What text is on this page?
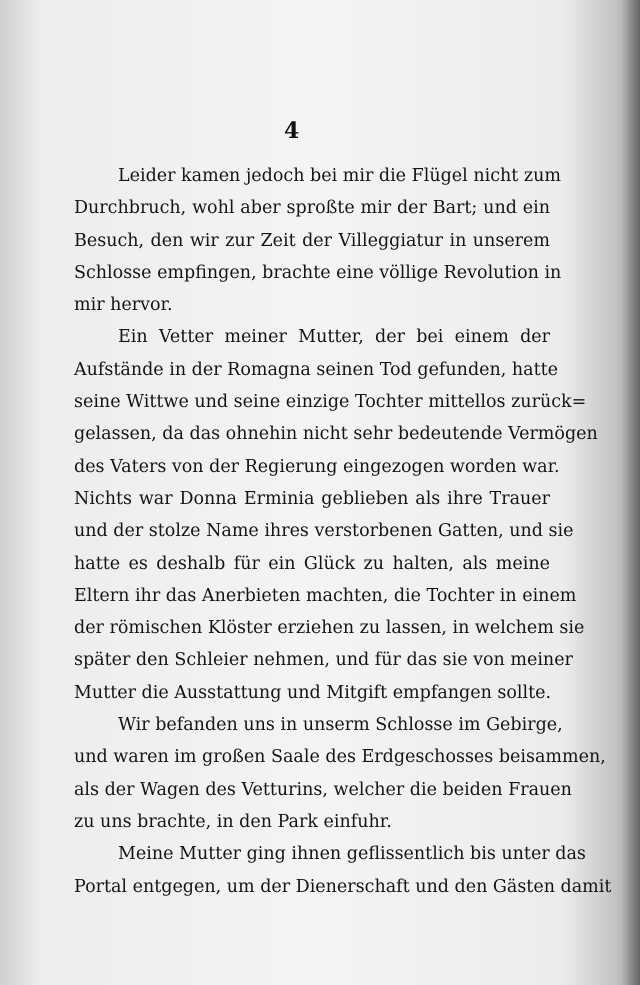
4
Leider kamen jedoch bei mir die Flügel nicht zum
Durchbruch, wohl aber sproßte mir der Bart; und ein
Besuch, den wir zur Zeit der Villeggiatur in unserem
Schlosse empfingen, brachte eine völlige Revolution in
mir hervor.
Ein Vetter meiner Mutter, der bei einem der
Aufstände in der Romagna seinen Tod gefunden, hatte
seine Wittwe und seine einzige Tochter mittellos zurück=
gelassen, da das ohnehin nicht sehr bedeutende Vermögen
des Vaters von der Regierung eingezogen worden war.
Nichts war Donna Erminia geblieben als ihre Trauer
und der stolze Name ihres verstorbenen Gatten, und sie
hatte es deshalb für ein Glück zu halten, als meine
Eltern ihr das Anerbieten machten, die Tochter in einem
der römischen Klöster erziehen zu lassen, in welchem sie
später den Schleier nehmen, und für das sie von meiner
Mutter die Ausstattung und Mitgift empfangen sollte.
Wir befanden uns in unserm Schlosse im Gebirge,
und waren im großen Saale des Erdgeschosses beisammen,
als der Wagen des Vetturins, welcher die beiden Frauen
zu uns brachte, in den Park einfuhr.
Meine Mutter ging ihnen geflissentlich bis unter das
Portal entgegen, um der Dienerschaft und den Gästen damit
